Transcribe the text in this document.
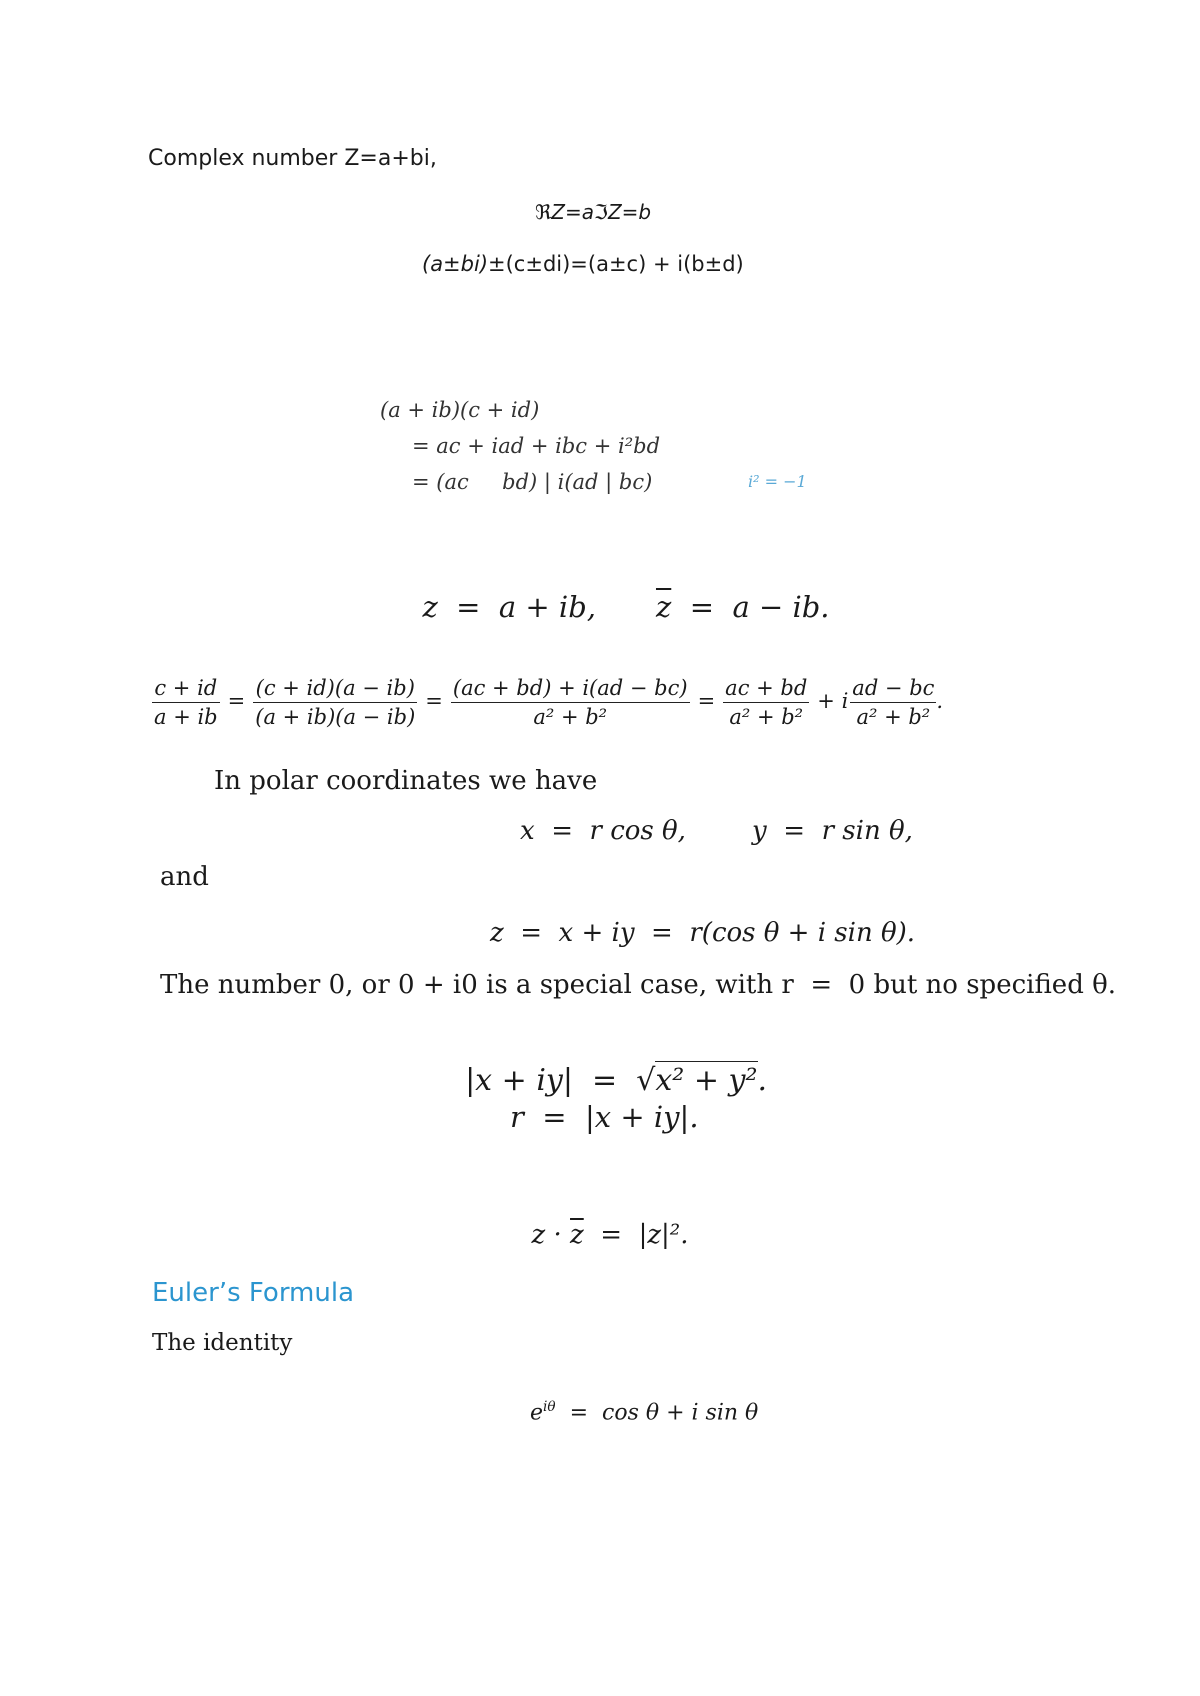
Complex number Z=a+bi,
ℜZ=aℑZ=b
(a±bi)±(c±di)=(a±c) + i(b±d)
(a + ib)(c + id)
= ac + iad + ibc + i²bd
= (ac     bd) | i(ad | bc)	i² = −1

z  =  a + ib, $\overline{z} = a$ − ib.

$\frac{c + id}{a + ib} = \frac{(c + id)(a - ib)}{(a + ib)(a - ib)} = \frac{(ac + bd) + i(ad - bc)}{\text{a² + b²}} = \frac{ac + bd}{\text{a² + b²}} + i \frac{ad - bc}{\text{a² + b²}}$ .
In polar coordinates we have
x  =  r cos θ,        y  =  r sin θ,
and
z  =  x + iy  =  r(cos θ + i sin θ).
The number 0, or 0 + i0 is a special case, with r  =  0 but no specified θ.

|x + iy|  =  √x² + y².

r  =  |x + iy|.

$z \cdot \overline{z} = |z|^2$.

Euler’s Formula
The identity

$e^{i\theta} = \cos \theta + i$ sin θ
